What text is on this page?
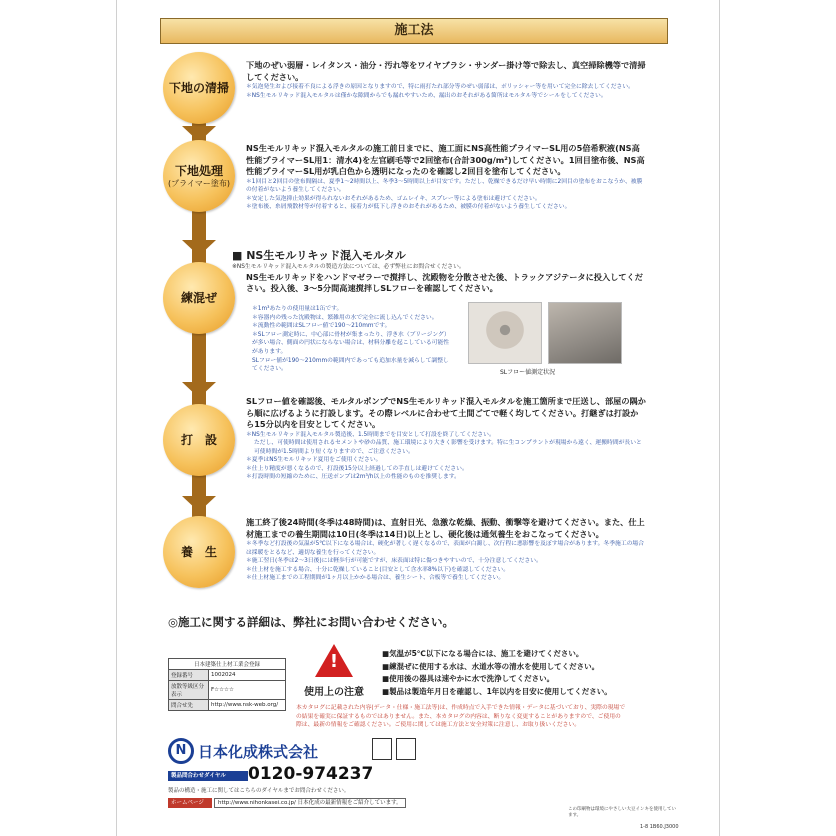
施工法
下地の清掃
下地処理
(プライマー塗布)
練混ぜ
打　設
養　生
下地のぜい弱層・レイタンス・油分・汚れ等をワイヤブラシ・サンダー掛け等で除去し、真空掃除機等で清掃してください。
＊気泡発生および接着不良による浮きの原因となりますので、特に雨打たれ部分等のぜい弱部は、ポリッシャー等を用いて完全に除去してください。
＊NS生モルリキッド混入モルタルは僅かな隙間からでも漏れやすいため、漏出のおそれがある箇所はモルタル等でシールをしてください。
NS生モルリキッド混入モルタルの施工前日までに、施工面にNS高性能プライマーSL用の5倍希釈液(NS高性能プライマーSL用1：清水4)を左官刷毛等で2回塗布(合計300g/m²)してください。1回目塗布後、NS高性能プライマーSL用が乳白色から透明になったのを確認し2回目を塗布してください。
＊1回目と2回目の塗布間隔は、夏季1〜2時間以上、冬季3〜5時間以上が目安です。ただし、乾燥できるだけ早い時期に2回目の塗布をおこなうか、被膜の付着がないよう養生してください。
＊安定した気泡抑止効果が得られないおそれがあるため、ゴムレイキ、スプレー等による塗布は避けてください。
＊塗布後、糸屑飛散材等が付着すると、接着力が低下し浮きのおそれがあるため、被膜の付着がないよう養生してください。
■ NS生モルリキッド混入モルタル
※NS生モルリキッド混入モルタルの製造方法については、必ず弊社にお問合せください。
NS生モルリキッドをハンドマゼラーで撹拌し、沈殿物を分散させた後、トラックアジテータに投入してください。投入後、3〜5分間高速撹拌しSLフローを確認してください。
＊1m³あたりの使用量は1缶です。
＊容器内の残った沈殿物は、繁雑用の水で完全に流し込んでください。
＊流動性の範囲はSLフロー値で190〜210mmです。
＊SLフロー測定時に、中心部に骨材が集まったり、浮き水（ブリージング）が多い場合、側面の円状にならない場合は、材料分離を起こしている可能性があります。
SLフロー値が190〜210mmの範囲内であっても追加水量を減らして調整してください。	SLフロー値測定状況
SLフロー値を確認後、モルタルポンプでNS生モルリキッド混入モルタルを施工箇所まで圧送し、部屋の隅から順に広げるように打設します。その際レベルに合わせて土間ごてで軽く均してください。打継ぎは打設から15分以内を目安としてください。
＊NS生モルリキッド混入モルタル製造後、1.5時間までを目安として打設を終了してください。
ただし、可使時間は使用されるセメントや砂の品質、施工環境により大きく影響を受けます。特に生コンプラントが現場から遠く、運搬時間が長いと可使時間が1.5時間より短くなりますので、ご注意ください。
＊夏季はNS生モルリキッド夏用をご使用ください。
＊仕上り精度が悪くなるので、打設後15分以上経過しての手直しは避けてください。
＊打設時間の短縮のために、圧送ポンプは2m³/h以上の性能のものを推奨します。
施工終了後24時間(冬季は48時間)は、直射日光、急激な乾燥、振動、衝撃等を避けてください。また、仕上材施工までの養生期間は10日(冬季は14日)以上とし、硬化後は通気養生をおこなってください。
＊冬季など打設後の気温が5℃以下になる場合は、硬化が著しく遅くなるので、表面が白濁し、次行程に悪影響を及ぼす場合があります。冬季施工の場合は採暖をとるなど、適切な養生を行ってください。
＊施工翌日(冬季は2〜3日後)には軽歩行が可能ですが、床表面は特に傷つきやすいので、十分注意してください。
＊仕上材を施工する場合、十分に乾燥していること(目安として含水率8%以下)を確認してください。
＊仕上材施工までの工程期間が1ヶ月以上かかる場合は、養生シート、合板等で養生してください。
◎施工に関する詳細は、弊社にお問い合わせください。
日本建築仕上材工業会登録	
登録番号	1002024
放散等級区分表示	F☆☆☆☆
問合せ先	http://www.nsk-web.org/
!
使用上の注意
■気温が5℃以下になる場合には、施工を避けてください。
■練混ぜに使用する水は、水道水等の清水を使用してください。
■使用後の器具は速やかに水で洗浄してください。
■製品は製造年月日を確認し、1年以内を目安に使用してください。
本カタログに記載された内容(データ・仕様・施工法等)は、作成時点で入手できた情報・データに基づいており、実際の現場での結果を確実に保証するものではありません。また、本カタログの内容は、断りなく変更することがありますので、ご使用の際は、最新の情報をご確認ください。ご使用に関しては施工方法と安全対策に注意し、お取り扱いください。
N 日本化成株式会社
製品問合わせダイヤル	0120-974237
製品の構造・施工に関してはこちらのダイヤルまでお問合わせください。
ホームページ	http://www.nihonkasei.co.jp/ 日本化成の最新情報をご紹介しています。
この印刷物は環境にやさしい大豆インキを使用しています。
1-8 1B60.J3000
